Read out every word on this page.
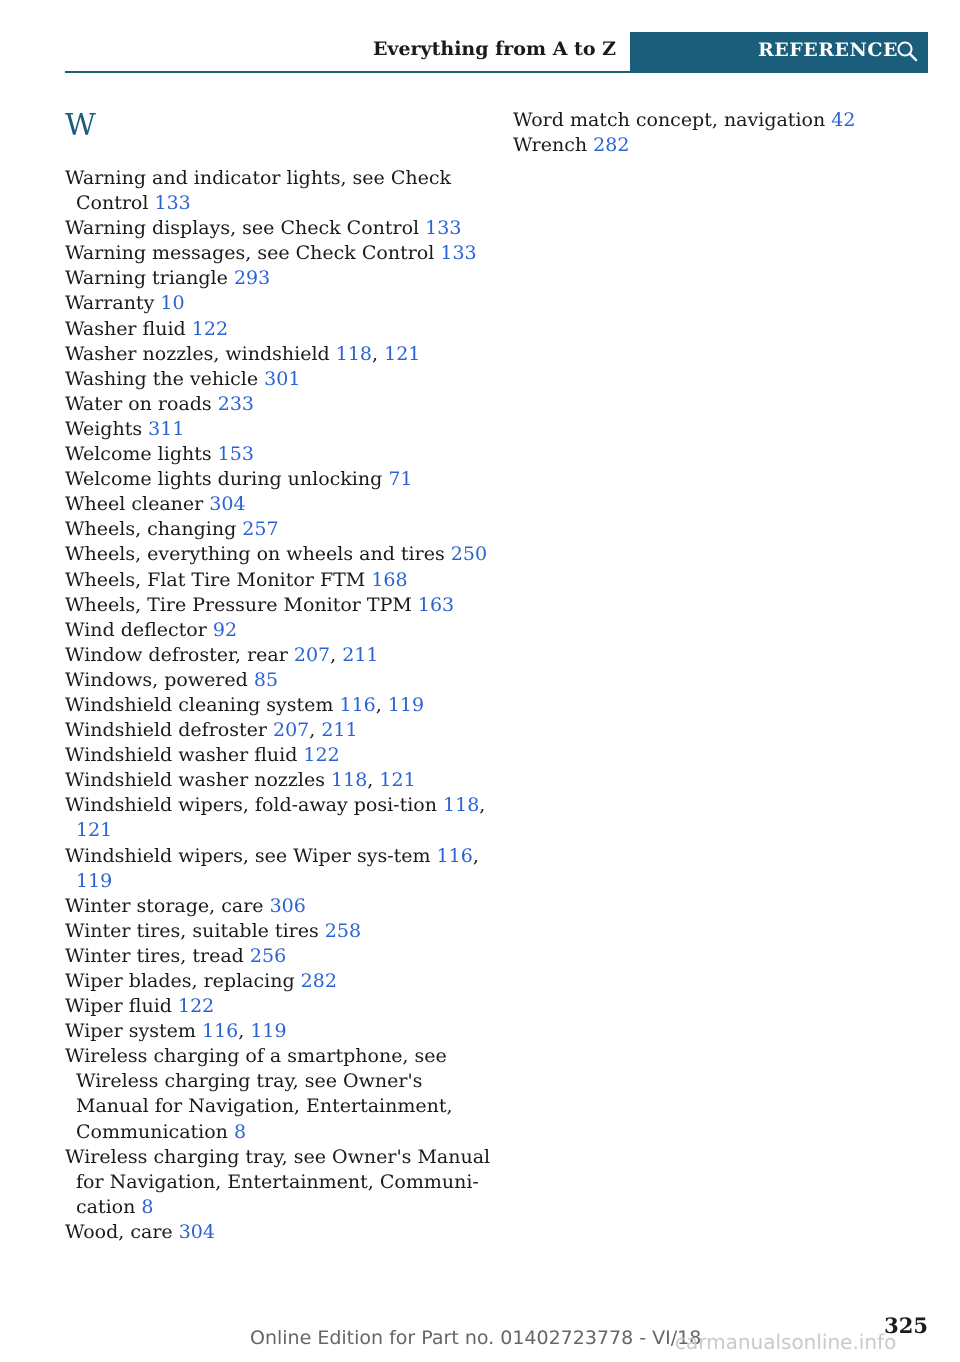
Everything from A to Z	REFERENCE
W
Warning and indicator lights, see Check Control 133
Warning displays, see Check Control 133
Warning messages, see Check Control 133
Warning triangle 293
Warranty 10
Washer fluid 122
Washer nozzles, windshield 118, 121
Washing the vehicle 301
Water on roads 233
Weights 311
Welcome lights 153
Welcome lights during unlocking 71
Wheel cleaner 304
Wheels, changing 257
Wheels, everything on wheels and tires 250
Wheels, Flat Tire Monitor FTM 168
Wheels, Tire Pressure Monitor TPM 163
Wind deflector 92
Window defroster, rear 207, 211
Windows, powered 85
Windshield cleaning system 116, 119
Windshield defroster 207, 211
Windshield washer fluid 122
Windshield washer nozzles 118, 121
Windshield wipers, fold-away posi-tion 118, 121
Windshield wipers, see Wiper sys-tem 116, 119
Winter storage, care 306
Winter tires, suitable tires 258
Winter tires, tread 256
Wiper blades, replacing 282
Wiper fluid 122
Wiper system 116, 119
Wireless charging of a smartphone, see Wireless charging tray, see Owner's Manual for Navigation, Entertainment, Communication 8
Wireless charging tray, see Owner's Manual for Navigation, Entertainment, Communi-cation 8
Wood, care 304
Word match concept, navigation 42
Wrench 282
Online Edition for Part no. 01402723778 - VI/18	325
carmanualsonline.info
